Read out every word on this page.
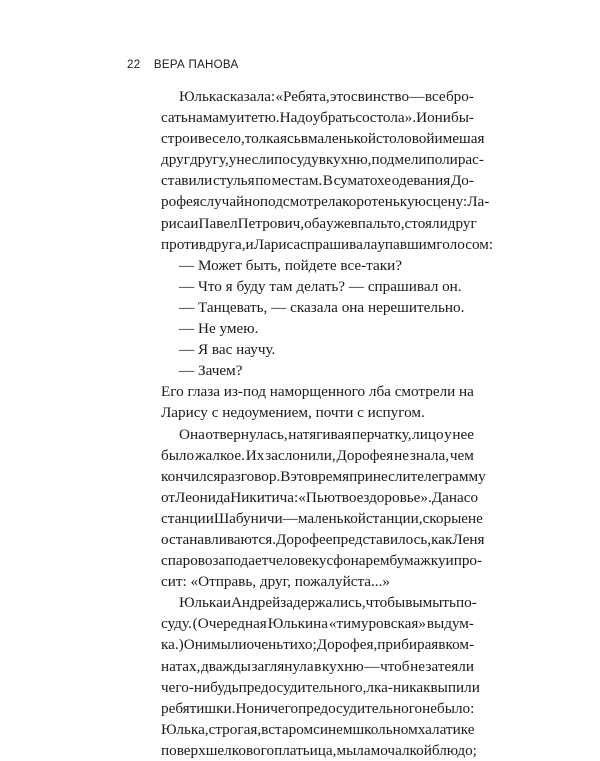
22 ВЕРА ПАНОВА
Юлька сказала: «Ребята, это свинство — все бро-
сать на маму и тетю. Надо убрать со стола». И они бы-
стро и весело, толкаясь в маленькой столовой и мешая
друг другу, унесли посуду в кухню, подмели пол и рас-
ставили стулья по местам. В суматохе одевания До-
рофея случайно подсмотрела коротенькую сцену: Ла-
риса и Павел Петрович, оба уже в пальто, стояли друг
против друга, и Лариса спрашивала упавшим голосом:
— Может быть, пойдете все-таки?
— Что я буду там делать? — спрашивал он.
— Танцевать, — сказала она нерешительно.
— Не умею.
— Я вас научу.
— Зачем?
Его глаза из-под наморщенного лба смотрели на
Ларису с недоумением, почти с испугом.
Она отвернулась, натягивая перчатку, лицо у нее
было жалкое. Их заслонили, Дорофея не знала, чем
кончился разговор. В это время принесли телеграмму
от Леонида Никитича: «Пью твое здоровье». Дана со
станции Шабуничи — маленькой станции, скорые не
останавливаются. Дорофее представилось, как Леня
с паровоза подает человеку с фонарем бумажку и про-
сит: «Отправь, друг, пожалуйста...»
Юлька и Андрей задержались, чтобы вымыть по-
суду. (Очередная Юлькина «тимуровская» выдум-
ка.) Они мыли очень тихо; Дорофея, прибирая в ком-
натах, дважды заглянула в кухню — чтоб не затеяли
чего-нибудь предосудительного, лка-никак выпили
ребятишки. Но ничего предосудительного не было:
Юлька, строгая, в старом синем школьном халатике
поверх шелкового платьица, мыла мочалкой блюдо;
